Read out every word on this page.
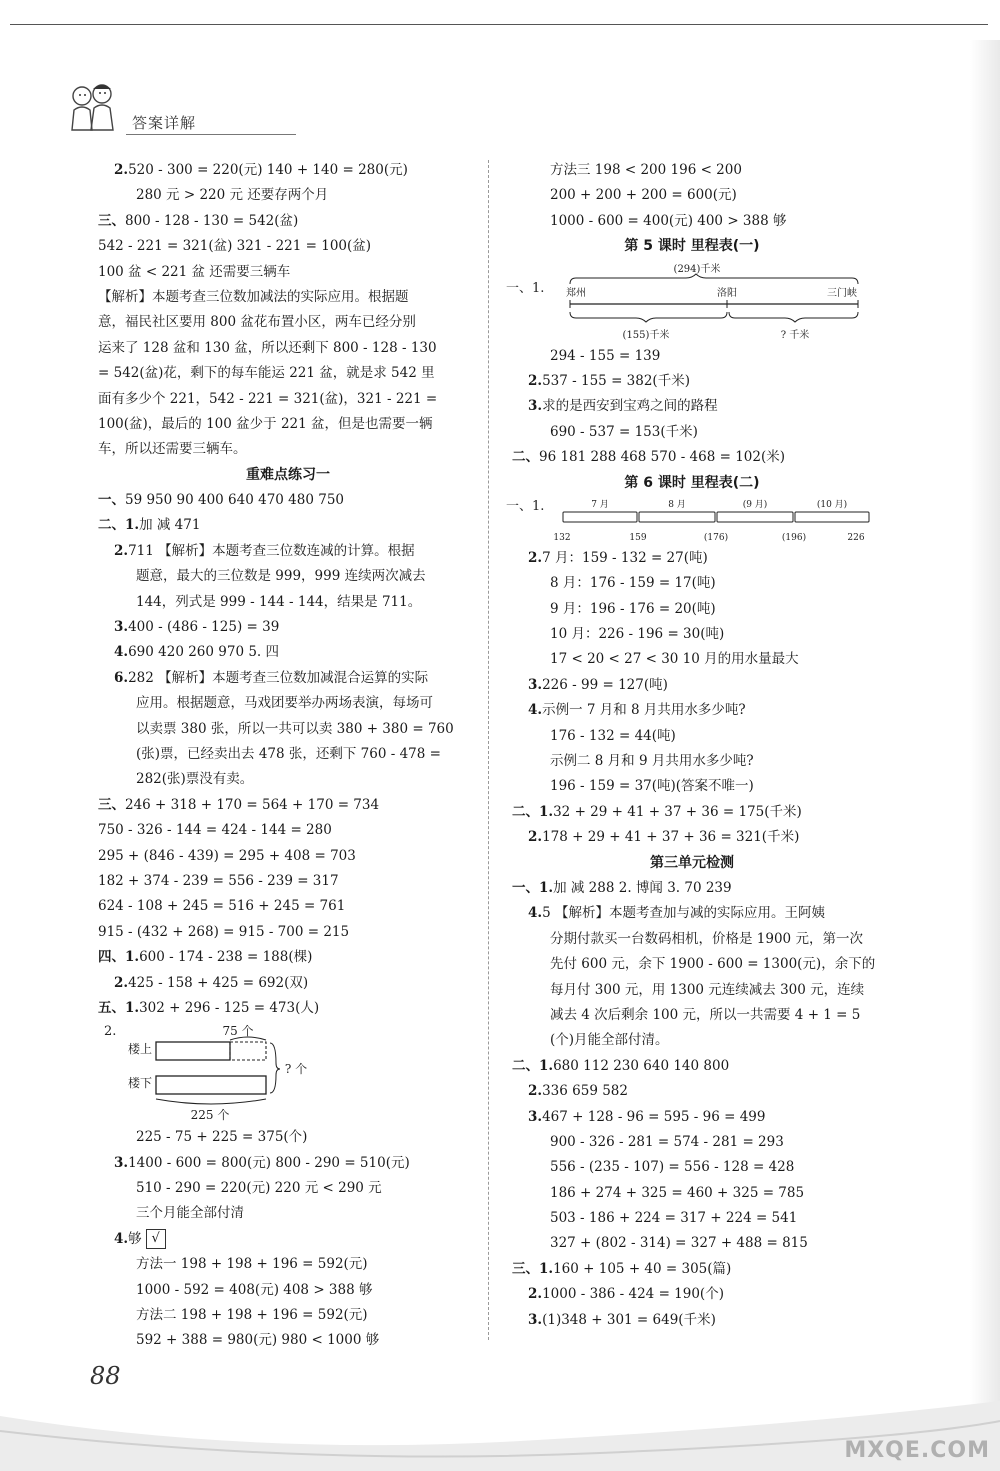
答案详解
2.520 - 300 = 220(元) 140 + 140 = 280(元)
280 元 > 220 元 还要存两个月
三、800 - 128 - 130 = 542(盆)
542 - 221 = 321(盆) 321 - 221 = 100(盆)
100 盆 < 221 盆 还需要三辆车
【解析】本题考查三位数加减法的实际应用。根据题
意，福民社区要用 800 盆花布置小区，两车已经分别
运来了 128 盆和 130 盆，所以还剩下 800 - 128 - 130
= 542(盆)花，剩下的每车能运 221 盆，就是求 542 里
面有多少个 221，542 - 221 = 321(盆)，321 - 221 =
100(盆)，最后的 100 盆少于 221 盆，但是也需要一辆
车，所以还需要三辆车。
重难点练习一
一、59 950 90 400 640 470 480 750
二、1.加 减 471
2.711 【解析】本题考查三位数连减的计算。根据
题意，最大的三位数是 999，999 连续两次减去
144，列式是 999 - 144 - 144，结果是 711。
3.400 - (486 - 125) = 39
4.690 420 260 970 5. 四
6.282 【解析】本题考查三位数加减混合运算的实际
应用。根据题意，马戏团要举办两场表演，每场可
以卖票 380 张，所以一共可以卖 380 + 380 = 760
(张)票，已经卖出去 478 张，还剩下 760 - 478 =
282(张)票没有卖。
三、246 + 318 + 170 = 564 + 170 = 734
750 - 326 - 144 = 424 - 144 = 280
295 + (846 - 439) = 295 + 408 = 703
182 + 374 - 239 = 556 - 239 = 317
624 - 108 + 245 = 516 + 245 = 761
915 - (432 + 268) = 915 - 700 = 215
四、1.600 - 174 - 238 = 188(棵)
2.425 - 158 + 425 = 692(双)
五、1.302 + 296 - 125 = 473(人)
2.	75 个
楼上
楼下
? 个
225 个
225 - 75 + 225 = 375(个)
3.1400 - 600 = 800(元) 800 - 290 = 510(元)
510 - 290 = 220(元) 220 元 < 290 元
三个月能全部付清
4.够 √
方法一 198 + 198 + 196 = 592(元)
1000 - 592 = 408(元) 408 > 388 够
方法二 198 + 198 + 196 = 592(元)
592 + 388 = 980(元) 980 < 1000 够
方法三 198 < 200 196 < 200
200 + 200 + 200 = 600(元)
1000 - 600 = 400(元) 400 > 388 够
第 5 课时 里程表(一)
一、1.
(294)千米
郑州	洛阳	三门峡
(155)千米	? 千米
294 - 155 = 139
2.537 - 155 = 382(千米)
3.求的是西安到宝鸡之间的路程
690 - 537 = 153(千米)
二、96 181 288 468 570 - 468 = 102(米)
第 6 课时 里程表(二)
一、1.	7 月	8 月	(9 月)	(10 月)
132	159	(176)	(196)	226
2.7 月：159 - 132 = 27(吨)
8 月：176 - 159 = 17(吨)
9 月：196 - 176 = 20(吨)
10 月：226 - 196 = 30(吨)
17 < 20 < 27 < 30 10 月的用水量最大
3.226 - 99 = 127(吨)
4.示例一 7 月和 8 月共用水多少吨?
176 - 132 = 44(吨)
示例二 8 月和 9 月共用水多少吨?
196 - 159 = 37(吨)(答案不唯一)
二、1.32 + 29 + 41 + 37 + 36 = 175(千米)
2.178 + 29 + 41 + 37 + 36 = 321(千米)
第三单元检测
一、1.加 减 288 2. 博闻 3. 70 239
4.5 【解析】本题考查加与减的实际应用。王阿姨
分期付款买一台数码相机，价格是 1900 元，第一次
先付 600 元，余下 1900 - 600 = 1300(元)，余下的
每月付 300 元，用 1300 元连续减去 300 元，连续
减去 4 次后剩余 100 元，所以一共需要 4 + 1 = 5
(个)月能全部付清。
二、1.680 112 230 640 140 800
2.336 659 582
3.467 + 128 - 96 = 595 - 96 = 499
900 - 326 - 281 = 574 - 281 = 293
556 - (235 - 107) = 556 - 128 = 428
186 + 274 + 325 = 460 + 325 = 785
503 - 186 + 224 = 317 + 224 = 541
327 + (802 - 314) = 327 + 488 = 815
三、1.160 + 105 + 40 = 305(篇)
2.1000 - 386 - 424 = 190(个)
3.(1)348 + 301 = 649(千米)
88
MXQE.COM
